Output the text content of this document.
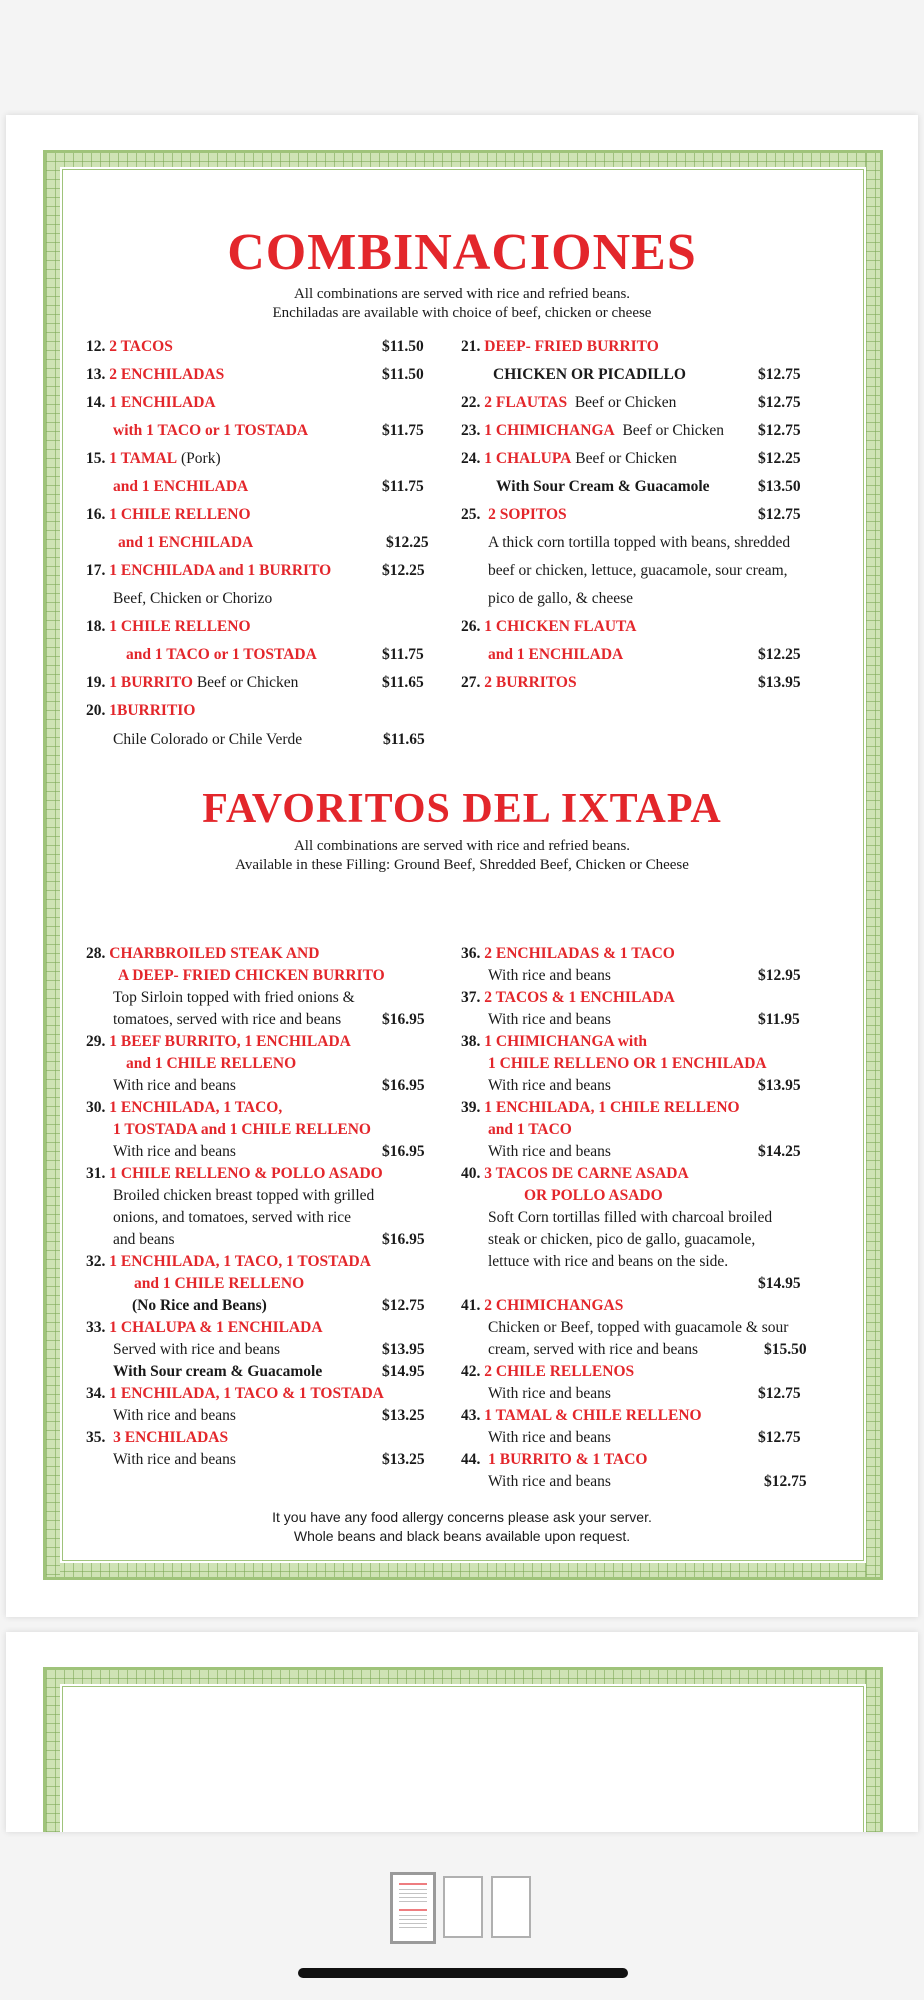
COMBINACIONES
All combinations are served with rice and refried beans.
Enchiladas are available with choice of beef, chicken or cheese
12. 2 TACOS	$11.50
13. 2 ENCHILADAS	$11.50
14. 1 ENCHILADA
with 1 TACO or 1 TOSTADA	$11.75
15. 1 TAMAL (Pork)
and 1 ENCHILADA	$11.75
16. 1 CHILE RELLENO
and 1 ENCHILADA	$12.25
17. 1 ENCHILADA and 1 BURRITO	$12.25
Beef, Chicken or Chorizo
18. 1 CHILE RELLENO
and 1 TACO or 1 TOSTADA	$11.75
19. 1 BURRITO Beef or Chicken	$11.65
20. 1BURRITIO
Chile Colorado or Chile Verde	$11.65
21. DEEP- FRIED BURRITO
CHICKEN OR PICADILLO	$12.75
22. 2 FLAUTAS Beef or Chicken	$12.75
23. 1 CHIMICHANGA Beef or Chicken $12.75
24. 1 CHALUPA Beef or Chicken	$12.25
With Sour Cream & Guacamole	$13.50
25. 2 SOPITOS	$12.75
A thick corn tortilla topped with beans, shredded
beef or chicken, lettuce, guacamole, sour cream,
pico de gallo, & cheese
26. 1 CHICKEN FLAUTA
and 1 ENCHILADA	$12.25
27. 2 BURRITOS	$13.95
FAVORITOS DEL IXTAPA
All combinations are served with rice and refried beans.
Available in these Filling: Ground Beef, Shredded Beef, Chicken or Cheese
28. CHARBROILED STEAK AND
A DEEP- FRIED CHICKEN BURRITO
Top Sirloin topped with fried onions &
tomatoes, served with rice and beans	$16.95
29. 1 BEEF BURRITO, 1 ENCHILADA
and 1 CHILE RELLENO
With rice and beans	$16.95
30. 1 ENCHILADA, 1 TACO,
1 TOSTADA and 1 CHILE RELLENO
With rice and beans	$16.95
31. 1 CHILE RELLENO & POLLO ASADO
Broiled chicken breast topped with grilled
onions, and tomatoes, served with rice
and beans	$16.95
32. 1 ENCHILADA, 1 TACO, 1 TOSTADA
and 1 CHILE RELLENO
(No Rice and Beans)	$12.75
33. 1 CHALUPA & 1 ENCHILADA
Served with rice and beans	$13.95
With Sour cream & Guacamole	$14.95
34. 1 ENCHILADA, 1 TACO & 1 TOSTADA
With rice and beans	$13.25
35. 3 ENCHILADAS
With rice and beans	$13.25
36. 2 ENCHILADAS & 1 TACO
With rice and beans	$12.95
37. 2 TACOS & 1 ENCHILADA
With rice and beans	$11.95
38. 1 CHIMICHANGA with
1 CHILE RELLENO OR 1 ENCHILADA
With rice and beans	$13.95
39. 1 ENCHILADA, 1 CHILE RELLENO
and 1 TACO
With rice and beans	$14.25
40. 3 TACOS DE CARNE ASADA
OR POLLO ASADO
Soft Corn tortillas filled with charcoal broiled
steak or chicken, pico de gallo, guacamole,
lettuce with rice and beans on the side.
$14.95
41. 2 CHIMICHANGAS
Chicken or Beef, topped with guacamole & sour
cream, served with rice and beans	$15.50
42. 2 CHILE RELLENOS
With rice and beans	$12.75
43. 1 TAMAL & CHILE RELLENO
With rice and beans	$12.75
44. 1 BURRITO & 1 TACO
With rice and beans	$12.75
It you have any food allergy concerns please ask your server.
Whole beans and black beans available upon request.
